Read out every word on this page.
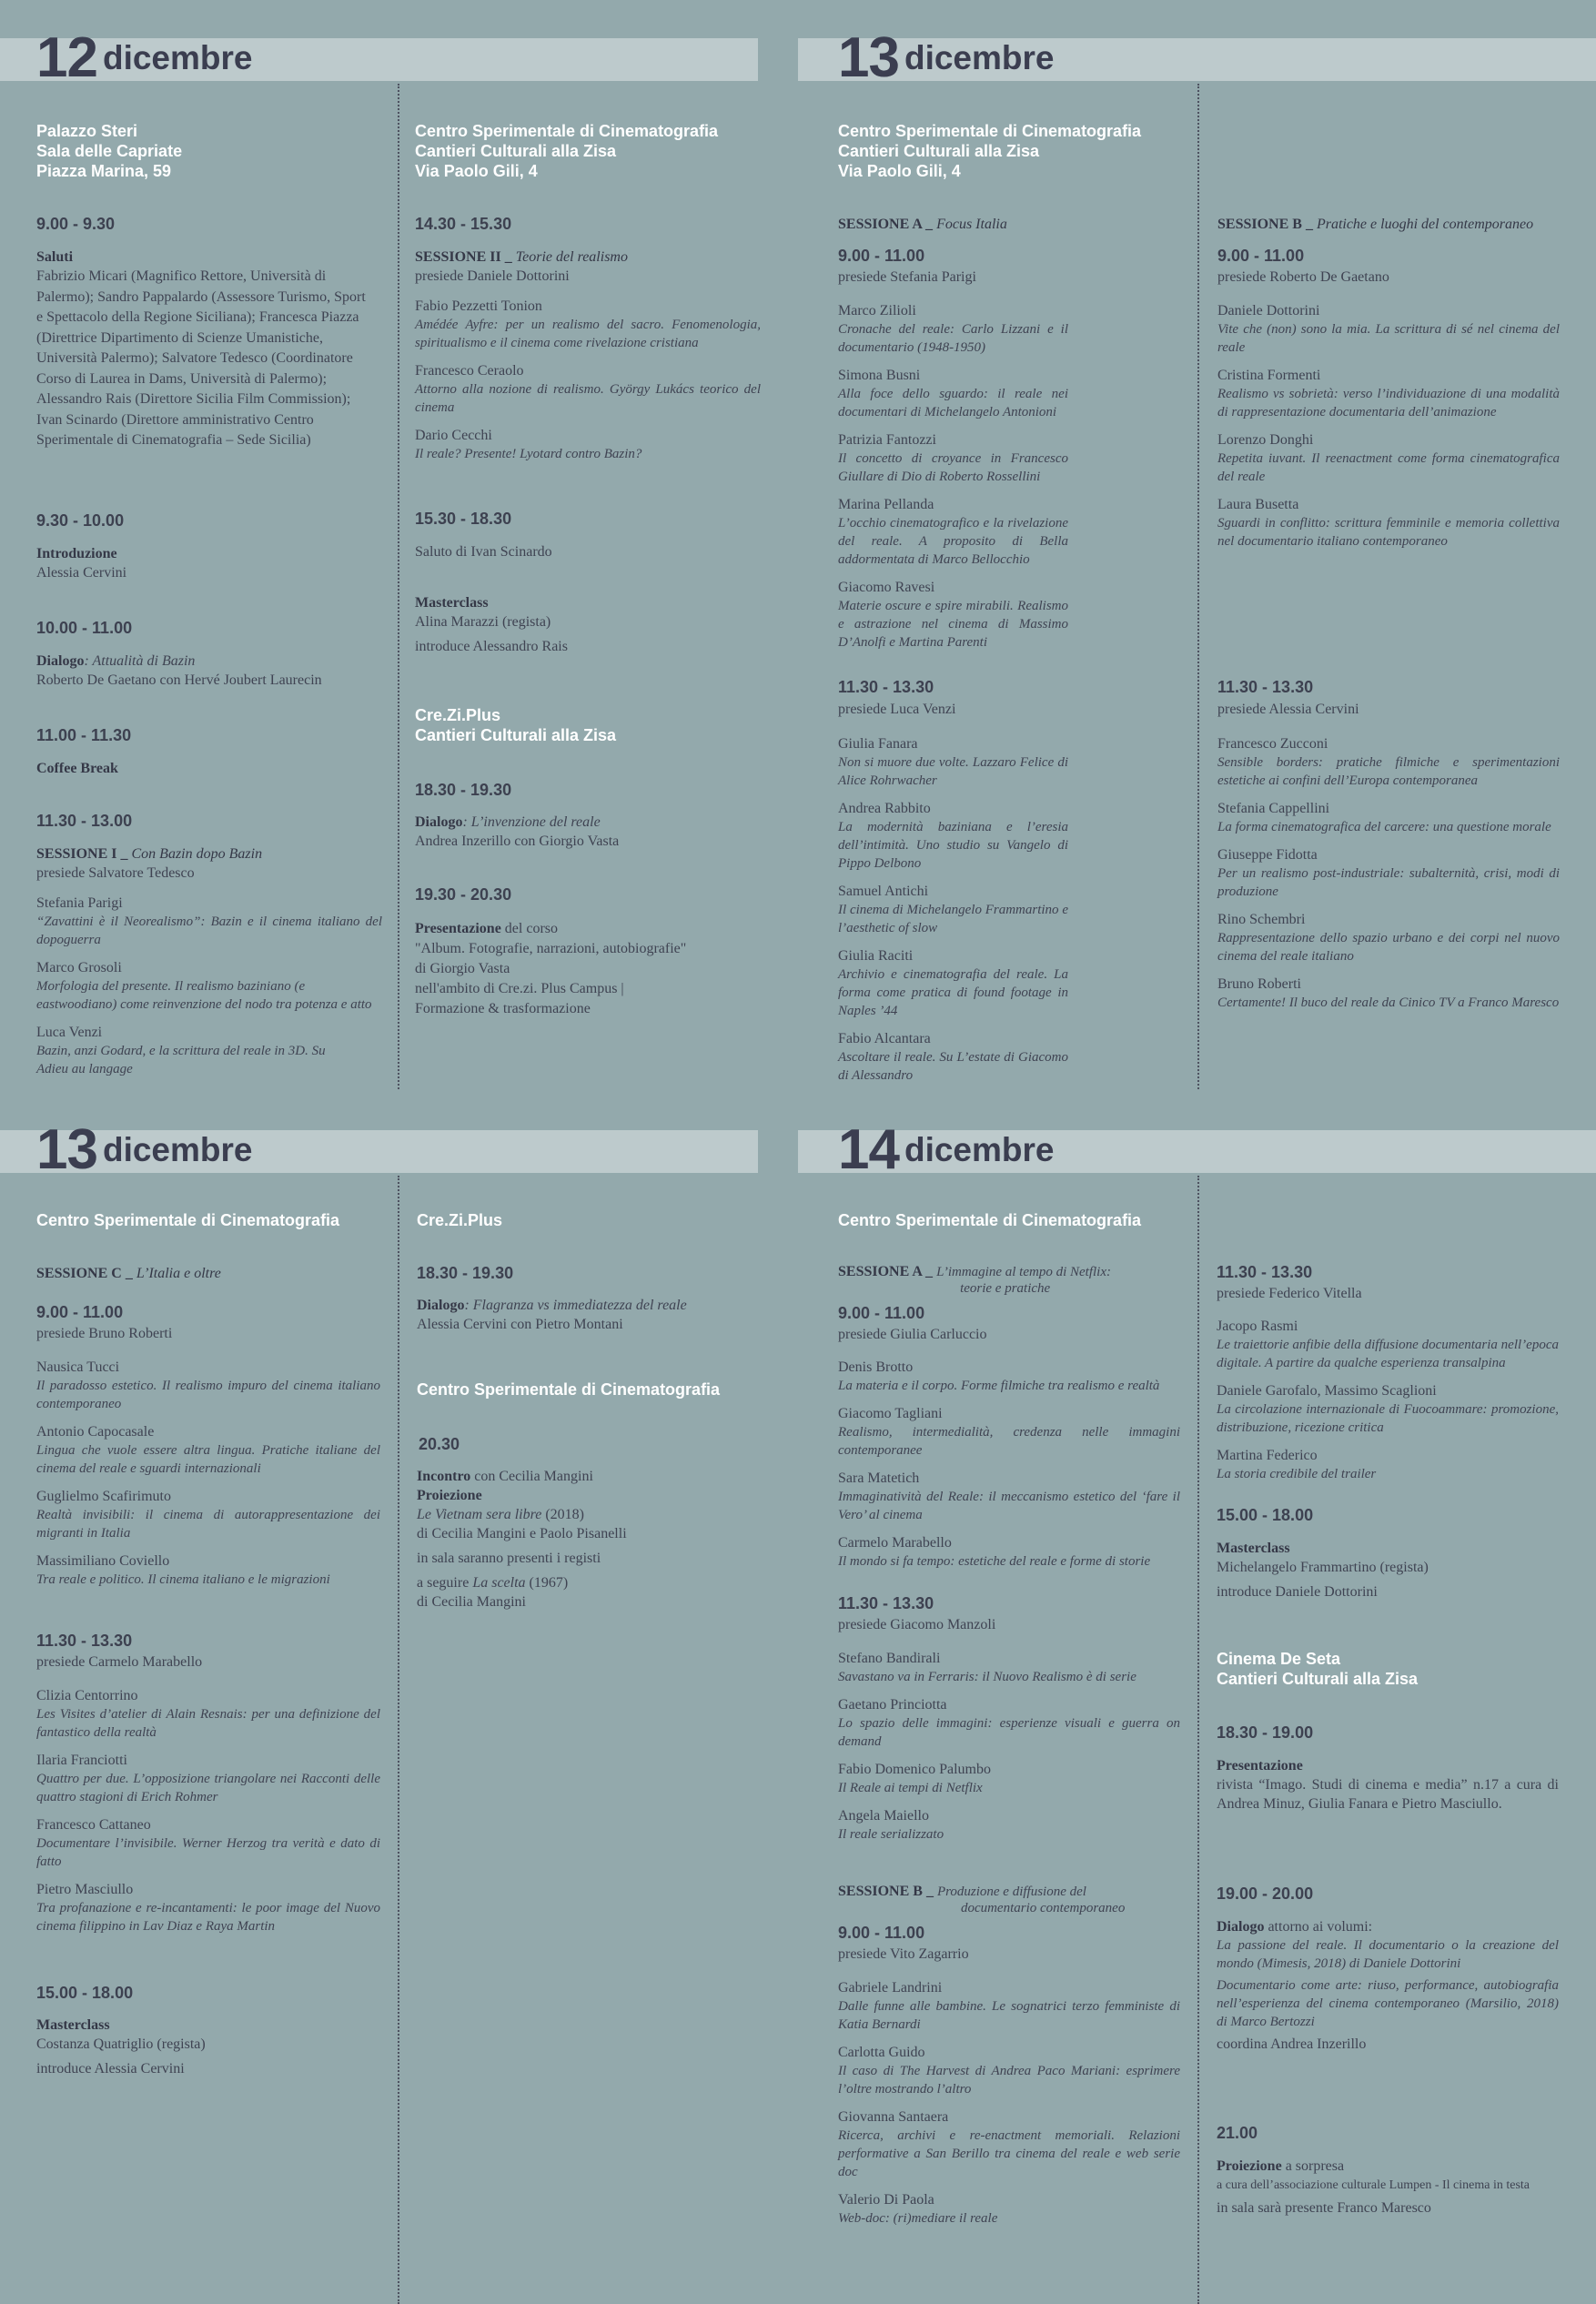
12 dicembre
Palazzo Steri
Sala delle Capriate
Piazza Marina, 59
9.00 - 9.30
Saluti
Fabrizio Micari (Magnifico Rettore, Università di Palermo); Sandro Pappalardo (Assessore Turismo, Sport e Spettacolo della Regione Siciliana); Francesca Piazza (Direttrice Dipartimento di Scienze Umanistiche, Università Palermo); Salvatore Tedesco (Coordinatore Corso di Laurea in Dams, Università di Palermo); Alessandro Rais (Direttore Sicilia Film Commission); Ivan Scinardo (Direttore amministrativo Centro Sperimentale di Cinematografia – Sede Sicilia)
9.30 - 10.00
Introduzione
Alessia Cervini
10.00 - 11.00
Dialogo: Attualità di Bazin
Roberto De Gaetano con Hervé Joubert Laurecin
11.00 - 11.30
Coffee Break
11.30 - 13.00
SESSIONE I _ Con Bazin dopo Bazin
presiede Salvatore Tedesco

Stefania Parigi
“Zavattini è il Neorealismo”: Bazin e il cinema italiano del dopoguerra

Marco Grosoli
Morfologia del presente. Il realismo baziniano (e eastwoodiano) come reinvenzione del nodo tra potenza e atto

Luca Venzi
Bazin, anzi Godard, e la scrittura del reale in 3D. Su Adieu au langage

Centro Sperimentale di Cinematografia
Cantieri Culturali alla Zisa
Via Paolo Gili, 4
14.30 - 15.30
SESSIONE II _ Teorie del realismo
presiede Daniele Dottorini

Fabio Pezzetti Tonion
Amédée Ayfre: per un realismo del sacro. Fenomenologia, spiritualismo e il cinema come rivelazione cristiana

Francesco Ceraolo
Attorno alla nozione di realismo. György Lukács teorico del cinema

Dario Cecchi
Il reale? Presente! Lyotard contro Bazin?

15.30 - 18.30
Saluto di Ivan Scinardo
Masterclass
Alina Marazzi (regista)
introduce Alessandro Rais
Cre.Zi.Plus
Cantieri Culturali alla Zisa
18.30 - 19.30
Dialogo: L’invenzione del reale
Andrea Inzerillo con Giorgio Vasta
19.30 - 20.30
Presentazione del corso
"Album. Fotografie, narrazioni, autobiografie"
di Giorgio Vasta
nell'ambito di Cre.zi. Plus Campus |
Formazione & trasformazione
13 dicembre
Centro Sperimentale di Cinematografia
Cantieri Culturali alla Zisa
Via Paolo Gili, 4
SESSIONE A _ Focus Italia
9.00 - 11.00
presiede Stefania Parigi

Marco Zilioli
Cronache del reale: Carlo Lizzani e il documentario (1948-1950)

Simona Busni
Alla foce dello sguardo: il reale nei documentari di Michelangelo Antonioni

Patrizia Fantozzi
Il concetto di croyance in Francesco Giullare di Dio di Roberto Rossellini

Marina Pellanda
L’occhio cinematografico e la rivelazione del reale. A proposito di Bella addormentata di Marco Bellocchio

Giacomo Ravesi
Materie oscure e spire mirabili. Realismo e astrazione nel cinema di Massimo D’Anolfi e Martina Parenti

11.30 - 13.30
presiede Luca Venzi

Giulia Fanara
Non si muore due volte. Lazzaro Felice di Alice Rohrwacher

Andrea Rabbito
La modernità baziniana e l’eresia dell’intimità. Uno studio su Vangelo di Pippo Delbono

Samuel Antichi
Il cinema di Michelangelo Frammartino e l’aesthetic of slow

Giulia Raciti
Archivio e cinematografia del reale. La forma come pratica di found footage in Naples ’44

Fabio Alcantara
Ascoltare il reale. Su L’estate di Giacomo di Alessandro

SESSIONE B _ Pratiche e luoghi del contemporaneo
9.00 - 11.00
presiede Roberto De Gaetano

Daniele Dottorini
Vite che (non) sono la mia. La scrittura di sé nel cinema del reale

Cristina Formenti
Realismo vs sobrietà: verso l’individuazione di una modalità di rappresentazione documentaria dell’animazione

Lorenzo Donghi
Repetita iuvant. Il reenactment come forma cinematografica del reale

Laura Busetta
Sguardi in conflitto: scrittura femminile e memoria collettiva nel documentario italiano contemporaneo

11.30 - 13.30
presiede Alessia Cervini

Francesco Zucconi
Sensible borders: pratiche filmiche e sperimentazioni estetiche ai confini dell’Europa contemporanea

Stefania Cappellini
La forma cinematografica del carcere: una questione morale

Giuseppe Fidotta
Per un realismo post-industriale: subalternità, crisi, modi di produzione

Rino Schembri
Rappresentazione dello spazio urbano e dei corpi nel nuovo cinema del reale italiano

Bruno Roberti
Certamente! Il buco del reale da Cinico TV a Franco Maresco

13 dicembre
Centro Sperimentale di Cinematografia
SESSIONE C _ L’Italia e oltre
9.00 - 11.00
presiede Bruno Roberti

Nausica Tucci
Il paradosso estetico. Il realismo impuro del cinema italiano contemporaneo

Antonio Capocasale
Lingua che vuole essere altra lingua. Pratiche italiane del cinema del reale e sguardi internazionali

Guglielmo Scafirimuto
Realtà invisibili: il cinema di autorappresentazione dei migranti in Italia

Massimiliano Coviello
Tra reale e politico. Il cinema italiano e le migrazioni

11.30 - 13.30
presiede Carmelo Marabello

Clizia Centorrino
Les Visites d’atelier di Alain Resnais: per una definizione del fantastico della realtà

Ilaria Franciotti
Quattro per due. L’opposizione triangolare nei Racconti delle quattro stagioni di Erich Rohmer

Francesco Cattaneo
Documentare l’invisibile. Werner Herzog tra verità e dato di fatto

Pietro Masciullo
Tra profanazione e re-incantamenti: le poor image del Nuovo cinema filippino in Lav Diaz e Raya Martin

15.00 - 18.00
Masterclass
Costanza Quatriglio (regista)
introduce Alessia Cervini
Cre.Zi.Plus
18.30 - 19.30
Dialogo: Flagranza vs immediatezza del reale
Alessia Cervini con Pietro Montani
Centro Sperimentale di Cinematografia
20.30
Incontro con Cecilia Mangini
Proiezione
Le Vietnam sera libre (2018)
di Cecilia Mangini e Paolo Pisanelli
in sala saranno presenti i registi
a seguire La scelta (1967)
di Cecilia Mangini
14 dicembre
Centro Sperimentale di Cinematografia
SESSIONE A _ L’immagine al tempo di Netflix:
teorie e pratiche
9.00 - 11.00
presiede Giulia Carluccio

Denis Brotto
La materia e il corpo. Forme filmiche tra realismo e realtà

Giacomo Tagliani
Realismo, intermedialità, credenza nelle immagini contemporanee

Sara Matetich
Immaginatività del Reale: il meccanismo estetico del ‘fare il Vero’ al cinema

Carmelo Marabello
Il mondo si fa tempo: estetiche del reale e forme di storie

11.30 - 13.30
presiede Giacomo Manzoli

Stefano Bandirali
Savastano va in Ferraris: il Nuovo Realismo è di serie

Gaetano Princiotta
Lo spazio delle immagini: esperienze visuali e guerra on demand

Fabio Domenico Palumbo
Il Reale ai tempi di Netflix

Angela Maiello
Il reale serializzato

SESSIONE B _ Produzione e diffusione del
documentario contemporaneo
9.00 - 11.00
presiede Vito Zagarrio

Gabriele Landrini
Dalle funne alle bambine. Le sognatrici terzo femministe di Katia Bernardi

Carlotta Guido
Il caso di The Harvest di Andrea Paco Mariani: esprimere l’oltre mostrando l’altro

Giovanna Santaera
Ricerca, archivi e re-enactment memoriali. Relazioni performative a San Berillo tra cinema del reale e web serie doc

Valerio Di Paola
Web-doc: (ri)mediare il reale

11.30 - 13.30
presiede Federico Vitella

Jacopo Rasmi
Le traiettorie anfibie della diffusione documentaria nell’epoca digitale. A partire da qualche esperienza transalpina

Daniele Garofalo, Massimo Scaglioni
La circolazione internazionale di Fuocoammare: promozione, distribuzione, ricezione critica

Martina Federico
La storia credibile del trailer

15.00 - 18.00
Masterclass
Michelangelo Frammartino (regista)
introduce Daniele Dottorini
Cinema De Seta
Cantieri Culturali alla Zisa
18.30 - 19.00
Presentazione
rivista “Imago. Studi di cinema e media” n.17 a cura di Andrea Minuz, Giulia Fanara e Pietro Masciullo.
19.00 - 20.00
Dialogo attorno ai volumi:
La passione del reale. Il documentario o la creazione del mondo (Mimesis, 2018) di Daniele Dottorini
Documentario come arte: riuso, performance, autobiografia nell’esperienza del cinema contemporaneo (Marsilio, 2018) di Marco Bertozzi
coordina Andrea Inzerillo
21.00
Proiezione a sorpresa
a cura dell’associazione culturale Lumpen - Il cinema in testa
in sala sarà presente Franco Maresco
